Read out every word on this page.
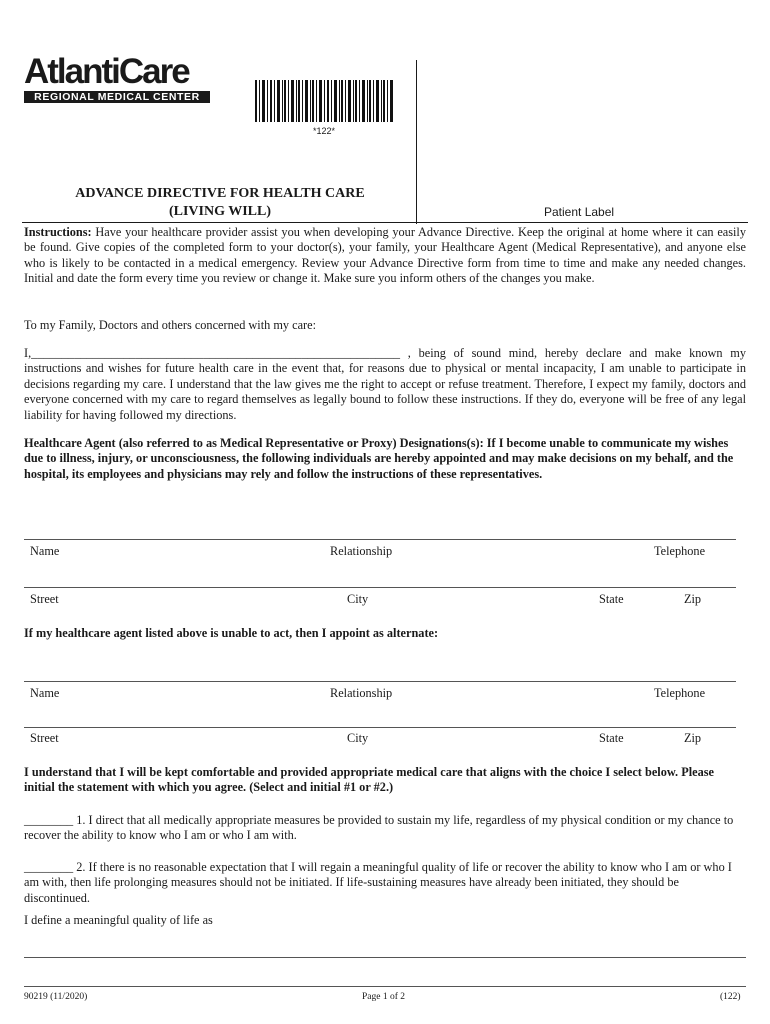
AtlantiCare
REGIONAL MEDICAL CENTER
*122*
ADVANCE DIRECTIVE FOR HEALTH CARE
(LIVING WILL)	Patient Label

Instructions: Have your healthcare provider assist you when developing your Advance Directive. Keep the original at home where it can easily be found. Give copies of the completed form to your doctor(s), your family, your Healthcare Agent (Medical Representative), and anyone else who is likely to be contacted in a medical emergency. Review your Advance Directive form from time to time and make any needed changes. Initial and date the form every time you review or change it. Make sure you inform others of the changes you make.

To my Family, Doctors and others concerned with my care:

I,____________________________________________________________ , being of sound mind, hereby declare and make known my instructions and wishes for future health care in the event that, for reasons due to physical or mental incapacity, I am unable to participate in decisions regarding my care. I understand that the law gives me the right to accept or refuse treatment. Therefore, I expect my family, doctors and everyone concerned with my care to regard themselves as legally bound to follow these instructions. If they do, everyone will be free of any legal liability for having followed my directions.

Healthcare Agent (also referred to as Medical Representative or Proxy) Designations(s): If I become unable to communicate my wishes due to illness, injury, or unconsciousness, the following individuals are hereby appointed and may make decisions on my behalf, and the hospital, its employees and physicians may rely and follow the instructions of these representatives.

Name	Relationship	Telephone
Street	City	State	Zip

If my healthcare agent listed above is unable to act, then I appoint as alternate:

Name	Relationship	Telephone
Street	City	State	Zip

I understand that I will be kept comfortable and provided appropriate medical care that aligns with the choice I select below. Please initial the statement with which you agree. (Select and initial #1 or #2.)

________ 1. I direct that all medically appropriate measures be provided to sustain my life, regardless of my physical condition or my chance to recover the ability to know who I am or who I am with.

________ 2. If there is no reasonable expectation that I will regain a meaningful quality of life or recover the ability to know who I am or who I am with, then life prolonging measures should not be initiated. If life-sustaining measures have already been initiated, they should be discontinued.

I define a meaningful quality of life as

90219 (11/2020)	Page 1 of 2	(122)
